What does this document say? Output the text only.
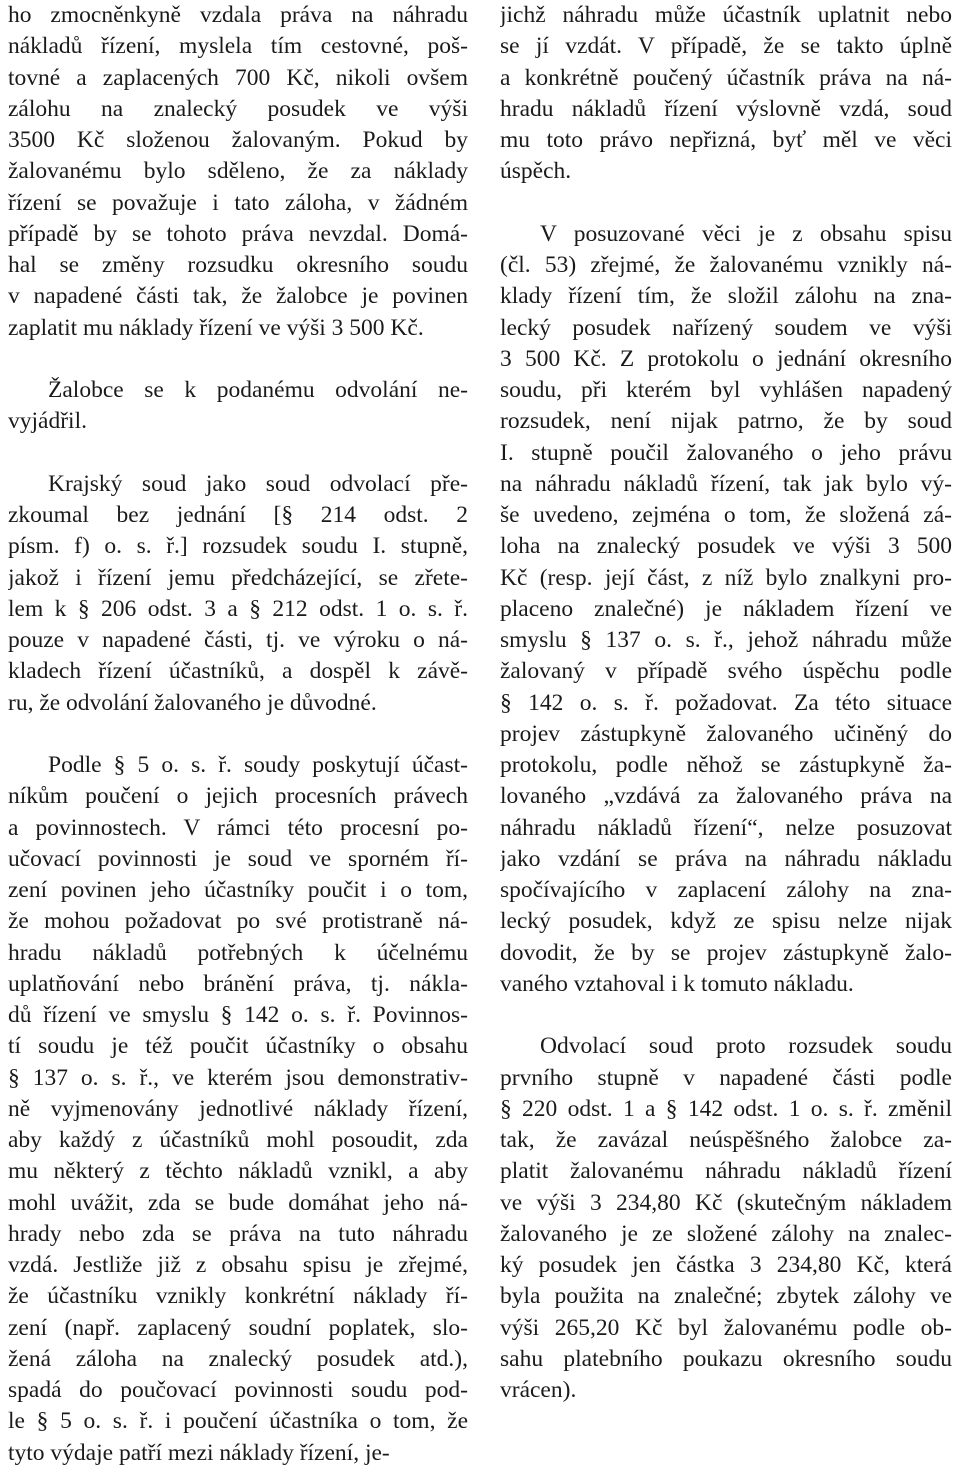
ho zmocněnkyně vzdala práva na náhradu
nákladů řízení, myslela tím cestovné, poš-
tovné a zaplacených 700 Kč, nikoli ovšem
zálohu na znalecký posudek ve výši
3500 Kč složenou žalovaným. Pokud by
žalovanému bylo sděleno, že za náklady
řízení se považuje i tato záloha, v žádném
případě by se tohoto práva nevzdal. Domá-
hal se změny rozsudku okresního soudu
v napadené části tak, že žalobce je povinen
zaplatit mu náklady řízení ve výši 3 500 Kč.
Žalobce se k podanému odvolání ne-
vyjádřil.
Krajský soud jako soud odvolací pře-
zkoumal bez jednání [§ 214 odst. 2
písm. f) o. s. ř.] rozsudek soudu I. stupně,
jakož i řízení jemu předcházející, se zřete-
lem k § 206 odst. 3 a § 212 odst. 1 o. s. ř.
pouze v napadené části, tj. ve výroku o ná-
kladech řízení účastníků, a dospěl k závě-
ru, že odvolání žalovaného je důvodné.
Podle § 5 o. s. ř. soudy poskytují účast-
níkům poučení o jejich procesních právech
a povinnostech. V rámci této procesní po-
učovací povinnosti je soud ve sporném ří-
zení povinen jeho účastníky poučit i o tom,
že mohou požadovat po své protistraně ná-
hradu nákladů potřebných k účelnému
uplatňování nebo bránění práva, tj. nákla-
dů řízení ve smyslu § 142 o. s. ř. Povinnos-
tí soudu je též poučit účastníky o obsahu
§ 137 o. s. ř., ve kterém jsou demonstrativ-
ně vyjmenovány jednotlivé náklady řízení,
aby každý z účastníků mohl posoudit, zda
mu některý z těchto nákladů vznikl, a aby
mohl uvážit, zda se bude domáhat jeho ná-
hrady nebo zda se práva na tuto náhradu
vzdá. Jestliže již z obsahu spisu je zřejmé,
že účastníku vznikly konkrétní náklady ří-
zení (např. zaplacený soudní poplatek, slo-
žená záloha na znalecký posudek atd.),
spadá do poučovací povinnosti soudu pod-
le § 5 o. s. ř. i poučení účastníka o tom, že
tyto výdaje patří mezi náklady řízení, je-
jichž náhradu může účastník uplatnit nebo
se jí vzdát. V případě, že se takto úplně
a konkrétně poučený účastník práva na ná-
hradu nákladů řízení výslovně vzdá, soud
mu toto právo nepřizná, byť měl ve věci
úspěch.
V posuzované věci je z obsahu spisu
(čl. 53) zřejmé, že žalovanému vznikly ná-
klady řízení tím, že složil zálohu na zna-
lecký posudek nařízený soudem ve výši
3 500 Kč. Z protokolu o jednání okresního
soudu, při kterém byl vyhlášen napadený
rozsudek, není nijak patrno, že by soud
I. stupně poučil žalovaného o jeho právu
na náhradu nákladů řízení, tak jak bylo vý-
še uvedeno, zejména o tom, že složená zá-
loha na znalecký posudek ve výši 3 500
Kč (resp. její část, z níž bylo znalkyni pro-
placeno znalečné) je nákladem řízení ve
smyslu § 137 o. s. ř., jehož náhradu může
žalovaný v případě svého úspěchu podle
§ 142 o. s. ř. požadovat. Za této situace
projev zástupkyně žalovaného učiněný do
protokolu, podle něhož se zástupkyně ža-
lovaného „vzdává za žalovaného práva na
náhradu nákladů řízení“, nelze posuzovat
jako vzdání se práva na náhradu nákladu
spočívajícího v zaplacení zálohy na zna-
lecký posudek, když ze spisu nelze nijak
dovodit, že by se projev zástupkyně žalo-
vaného vztahoval i k tomuto nákladu.
Odvolací soud proto rozsudek soudu
prvního stupně v napadené části podle
§ 220 odst. 1 a § 142 odst. 1 o. s. ř. změnil
tak, že zavázal neúspěšného žalobce za-
platit žalovanému náhradu nákladů řízení
ve výši 3 234,80 Kč (skutečným nákladem
žalovaného je ze složené zálohy na znalec-
ký posudek jen částka 3 234,80 Kč, která
byla použita na znalečné; zbytek zálohy ve
výši 265,20 Kč byl žalovanému podle ob-
sahu platebního poukazu okresního soudu
vrácen).
